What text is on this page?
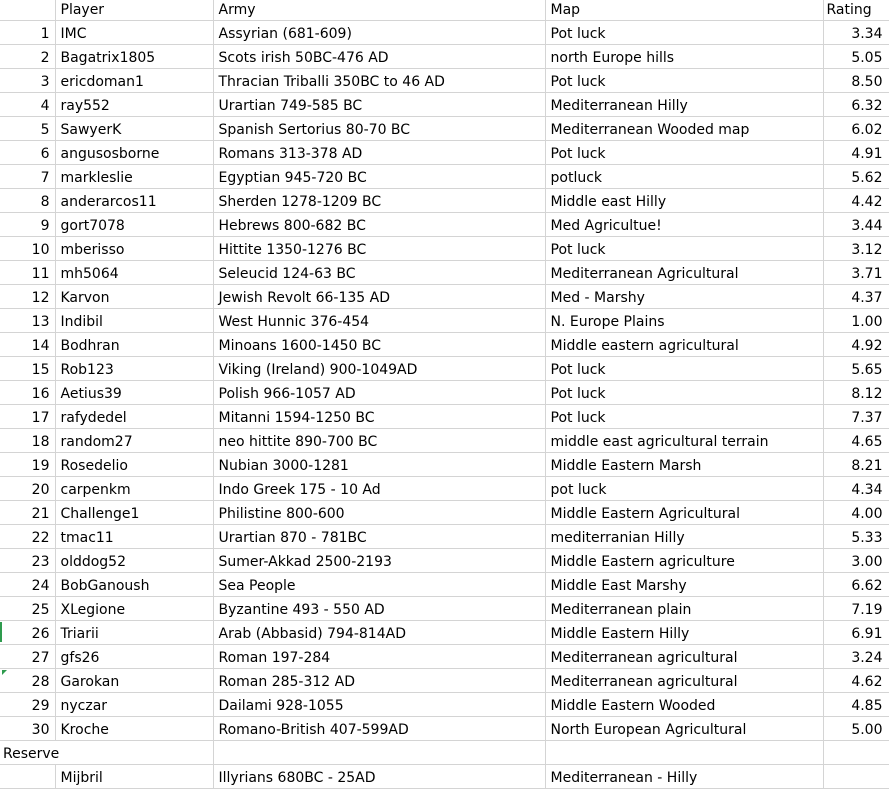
	Player	Army	Map	Rating
1	IMC	Assyrian (681-609)	Pot luck	3.34
2	Bagatrix1805	Scots irish 50BC-476 AD	north Europe hills	5.05
3	ericdoman1	Thracian Triballi 350BC to 46 AD	Pot luck	8.50
4	ray552	Urartian 749-585 BC	Mediterranean Hilly	6.32
5	SawyerK	Spanish Sertorius 80-70 BC	Mediterranean Wooded map	6.02
6	angusosborne	Romans 313-378 AD	Pot luck	4.91
7	markleslie	Egyptian 945-720 BC	potluck	5.62
8	anderarcos11	Sherden 1278-1209 BC	Middle east Hilly	4.42
9	gort7078	Hebrews 800-682 BC	Med Agricultue!	3.44
10	mberisso	Hittite 1350-1276 BC	Pot luck	3.12
11	mh5064	Seleucid 124-63 BC	Mediterranean Agricultural	3.71
12	Karvon	Jewish Revolt 66-135 AD	Med - Marshy	4.37
13	Indibil	West Hunnic 376-454	N. Europe Plains	1.00
14	Bodhran	Minoans 1600-1450 BC	Middle eastern agricultural	4.92
15	Rob123	Viking (Ireland) 900-1049AD	Pot luck	5.65
16	Aetius39	Polish 966-1057 AD	Pot luck	8.12
17	rafydedel	Mitanni 1594-1250 BC	Pot luck	7.37
18	random27	neo hittite 890-700 BC	middle east agricultural terrain	4.65
19	Rosedelio	Nubian 3000-1281	Middle Eastern Marsh	8.21
20	carpenkm	Indo Greek 175 - 10 Ad	pot luck	4.34
21	Challenge1	Philistine 800-600	Middle Eastern Agricultural	4.00
22	tmac11	Urartian 870 - 781BC	mediterranian Hilly	5.33
23	olddog52	Sumer-Akkad 2500-2193	Middle Eastern agriculture	3.00
24	BobGanoush	Sea People	Middle East Marshy	6.62
25	XLegione	Byzantine 493 - 550 AD	Mediterranean plain	7.19
26	Triarii	Arab (Abbasid) 794-814AD	Middle Eastern Hilly	6.91
27	gfs26	Roman 197-284	Mediterranean agricultural	3.24
28	Garokan	Roman 285-312 AD	Mediterranean agricultural	4.62
29	nyczar	Dailami 928-1055	Middle Eastern Wooded	4.85
30	Kroche	Romano-British 407-599AD	North European Agricultural	5.00
Reserve				
	Mijbril	Illyrians 680BC - 25AD	Mediterranean - Hilly	
